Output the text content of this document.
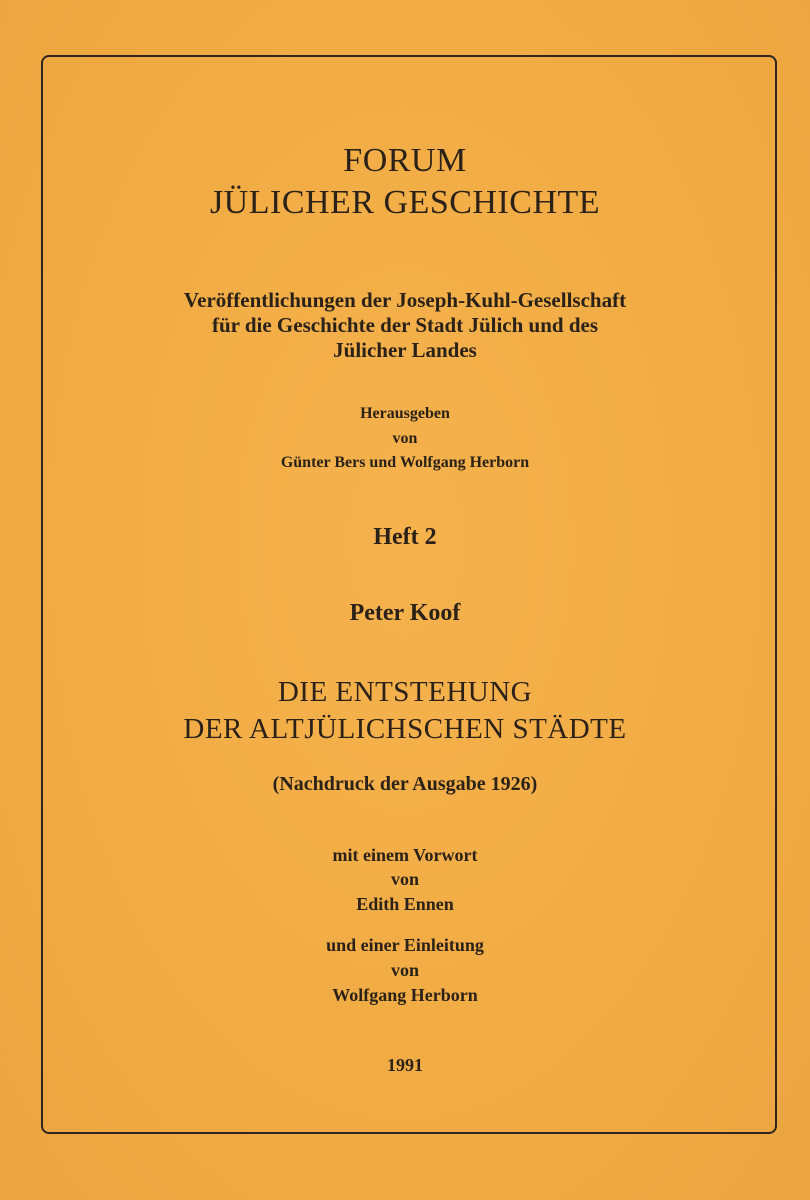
FORUM

JÜLICHER GESCHICHTE

Veröffentlichungen der Joseph-Kuhl-Gesellschaft

für die Geschichte der Stadt Jülich und des

Jülicher Landes

Herausgeben

von

Günter Bers und Wolfgang Herborn

Heft 2

Peter Koof

DIE ENTSTEHUNG

DER ALTJÜLICHSCHEN STÄDTE

(Nachdruck der Ausgabe 1926)

mit einem Vorwort

von

Edith Ennen

und einer Einleitung

von

Wolfgang Herborn

1991
